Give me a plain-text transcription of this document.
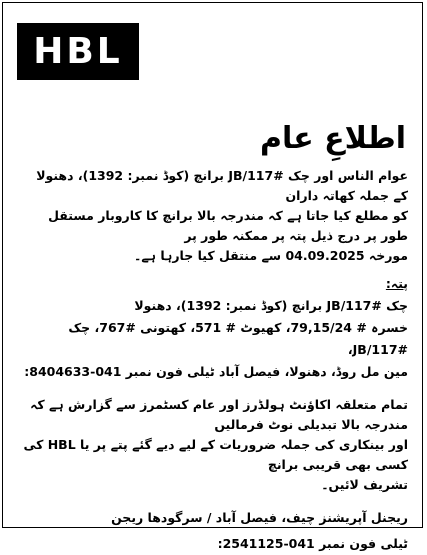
HBL
اطلاعِ عام
عوام الناس اور چک #117/JB برانچ (کوڈ نمبر: 1392)، دھنولا کے جملہ کھاتہ داران
کو مطلع کیا جاتا ہے کہ مندرجہ بالا برانچ کا کاروبار مستقل طور پر درج ذیل پتہ پر ممکنہ طور پر
مورخہ 04.09.2025 سے منتقل کیا جارہا ہے۔
پتہ:
چک #117/JB برانچ (کوڈ نمبر: 1392)، دھنولا
خسرہ # 79,15/24، کھیوٹ # 571، کھتونی #767، چک #117/JB،
مین مل روڈ، دھنولا، فیصل آباد ٹیلی فون نمبر 041-8404633:
تمام متعلقہ اکاؤنٹ ہولڈرز اور عام کسٹمرز سے گزارش ہے کہ مندرجہ بالا تبدیلی نوٹ فرمالیں
اور بینکاری کی جملہ ضروریات کے لیے دیے گئے پتے پر یا HBL کی کسی بھی قریبی برانچ
تشریف لائیں۔
ریجنل آپریشنز چیف، فیصل آباد / سرگودھا ریجن
ٹیلی فون نمبر 041-2541125:
